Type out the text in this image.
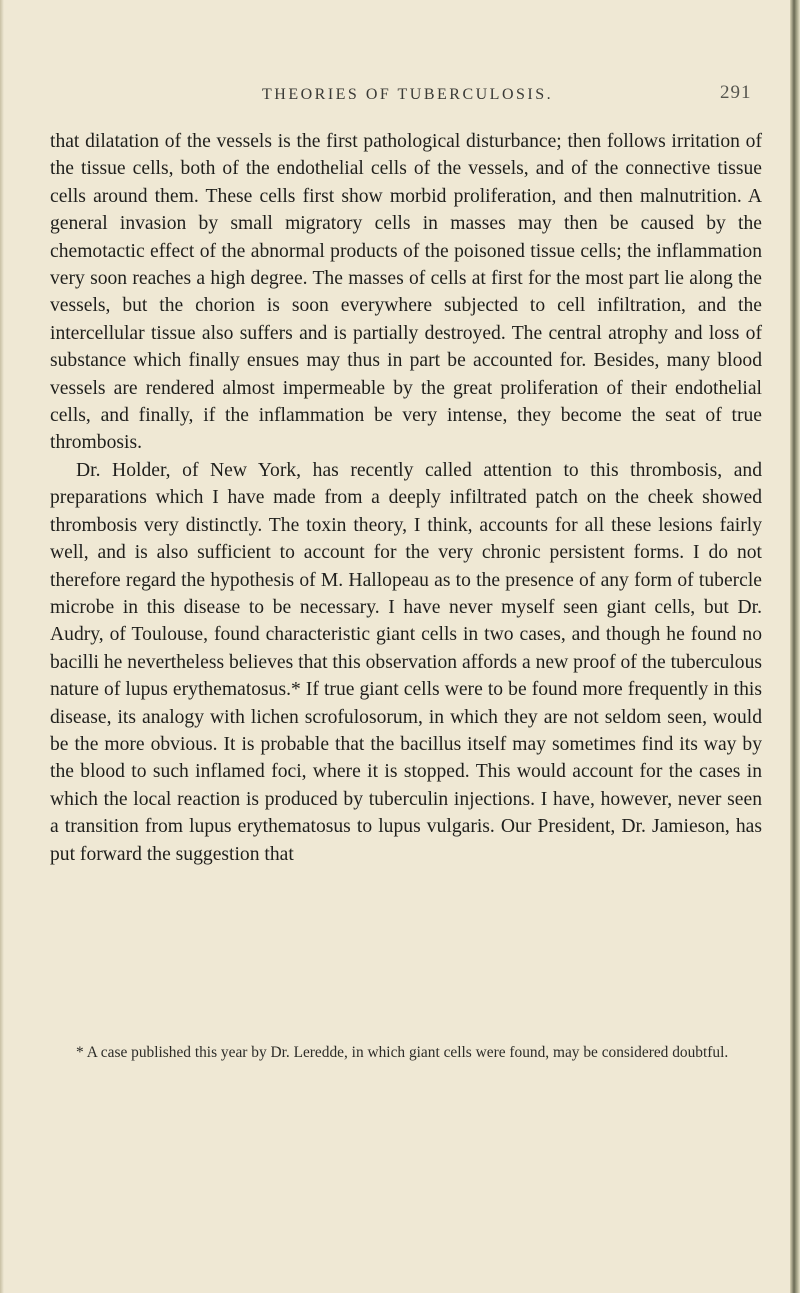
THEORIES OF TUBERCULOSIS.	291

that dilatation of the vessels is the first pathological disturbance; then follows irritation of the tissue cells, both of the endothelial cells of the vessels, and of the connective tissue cells around them. These cells first show morbid proliferation, and then malnutrition. A general invasion by small migratory cells in masses may then be caused by the chemotactic effect of the abnormal products of the poisoned tissue cells; the inflammation very soon reaches a high degree. The masses of cells at first for the most part lie along the vessels, but the chorion is soon everywhere subjected to cell infiltration, and the intercellular tissue also suffers and is partially destroyed. The central atrophy and loss of substance which finally ensues may thus in part be accounted for. Besides, many blood vessels are rendered almost impermeable by the great proliferation of their endothelial cells, and finally, if the inflammation be very intense, they become the seat of true thrombosis.

Dr. Holder, of New York, has recently called attention to this thrombosis, and preparations which I have made from a deeply infiltrated patch on the cheek showed thrombosis very distinctly. The toxin theory, I think, accounts for all these lesions fairly well, and is also sufficient to account for the very chronic persistent forms. I do not therefore regard the hypothesis of M. Hallopeau as to the presence of any form of tubercle microbe in this disease to be necessary. I have never myself seen giant cells, but Dr. Audry, of Toulouse, found characteristic giant cells in two cases, and though he found no bacilli he nevertheless believes that this observation affords a new proof of the tuberculous nature of lupus erythematosus.* If true giant cells were to be found more frequently in this disease, its analogy with lichen scrofulosorum, in which they are not seldom seen, would be the more obvious. It is probable that the bacillus itself may sometimes find its way by the blood to such inflamed foci, where it is stopped. This would account for the cases in which the local reaction is produced by tuberculin injections. I have, however, never seen a transition from lupus erythematosus to lupus vulgaris. Our President, Dr. Jamieson, has put forward the suggestion that

* A case published this year by Dr. Leredde, in which giant cells were found, may be considered doubtful.
